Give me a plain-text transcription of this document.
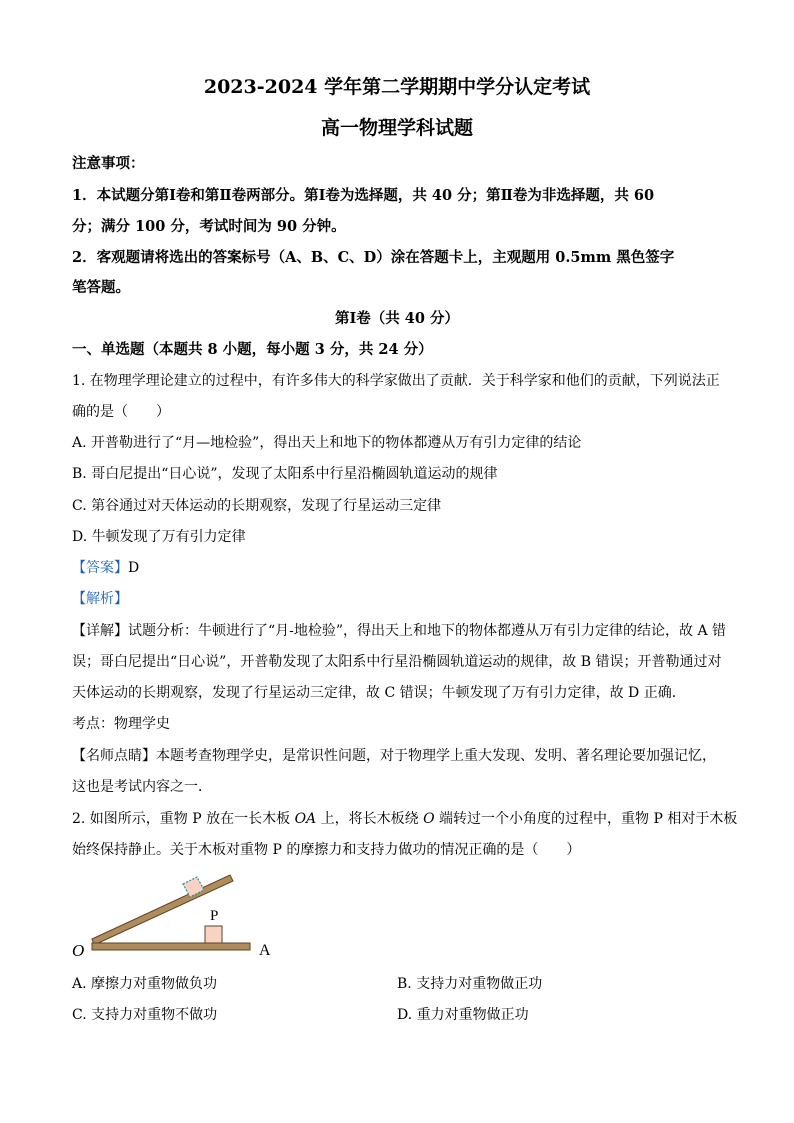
2023-2024 学年第二学期期中学分认定考试
高一物理学科试题
注意事项：
1．本试题分第Ⅰ卷和第Ⅱ卷两部分。第Ⅰ卷为选择题，共 40 分；第Ⅱ卷为非选择题，共 60
分；满分 100 分，考试时间为 90 分钟。
2．客观题请将选出的答案标号（A、B、C、D）涂在答题卡上，主观题用 0.5mm 黑色签字
笔答题。
第Ⅰ卷（共 40 分）
一、单选题（本题共 8 小题，每小题 3 分，共 24 分）
1. 在物理学理论建立的过程中，有许多伟大的科学家做出了贡献．关于科学家和他们的贡献，下列说法正
确的是（　　）
A. 开普勒进行了“月—地检验”，得出天上和地下的物体都遵从万有引力定律的结论
B. 哥白尼提出“日心说”，发现了太阳系中行星沿椭圆轨道运动的规律
C. 第谷通过对天体运动的长期观察，发现了行星运动三定律
D. 牛顿发现了万有引力定律
【答案】D
【解析】
【详解】试题分析：牛顿进行了“月-地检验”，得出天上和地下的物体都遵从万有引力定律的结论，故 A 错
误；哥白尼提出“日心说”，开普勒发现了太阳系中行星沿椭圆轨道运动的规律，故 B 错误；开普勒通过对
天体运动的长期观察，发现了行星运动三定律，故 C 错误；牛顿发现了万有引力定律，故 D 正确．
考点：物理学史
【名师点睛】本题考查物理学史，是常识性问题，对于物理学上重大发现、发明、著名理论要加强记忆，
这也是考试内容之一．
2. 如图所示，重物 P 放在一长木板 OA 上，将长木板绕 O 端转过一个小角度的过程中，重物 P 相对于木板
始终保持静止。关于木板对重物 P 的摩擦力和支持力做功的情况正确的是（　　）
P
O	A
A. 摩擦力对重物做负功	B. 支持力对重物做正功
C. 支持力对重物不做功	D. 重力对重物做正功
